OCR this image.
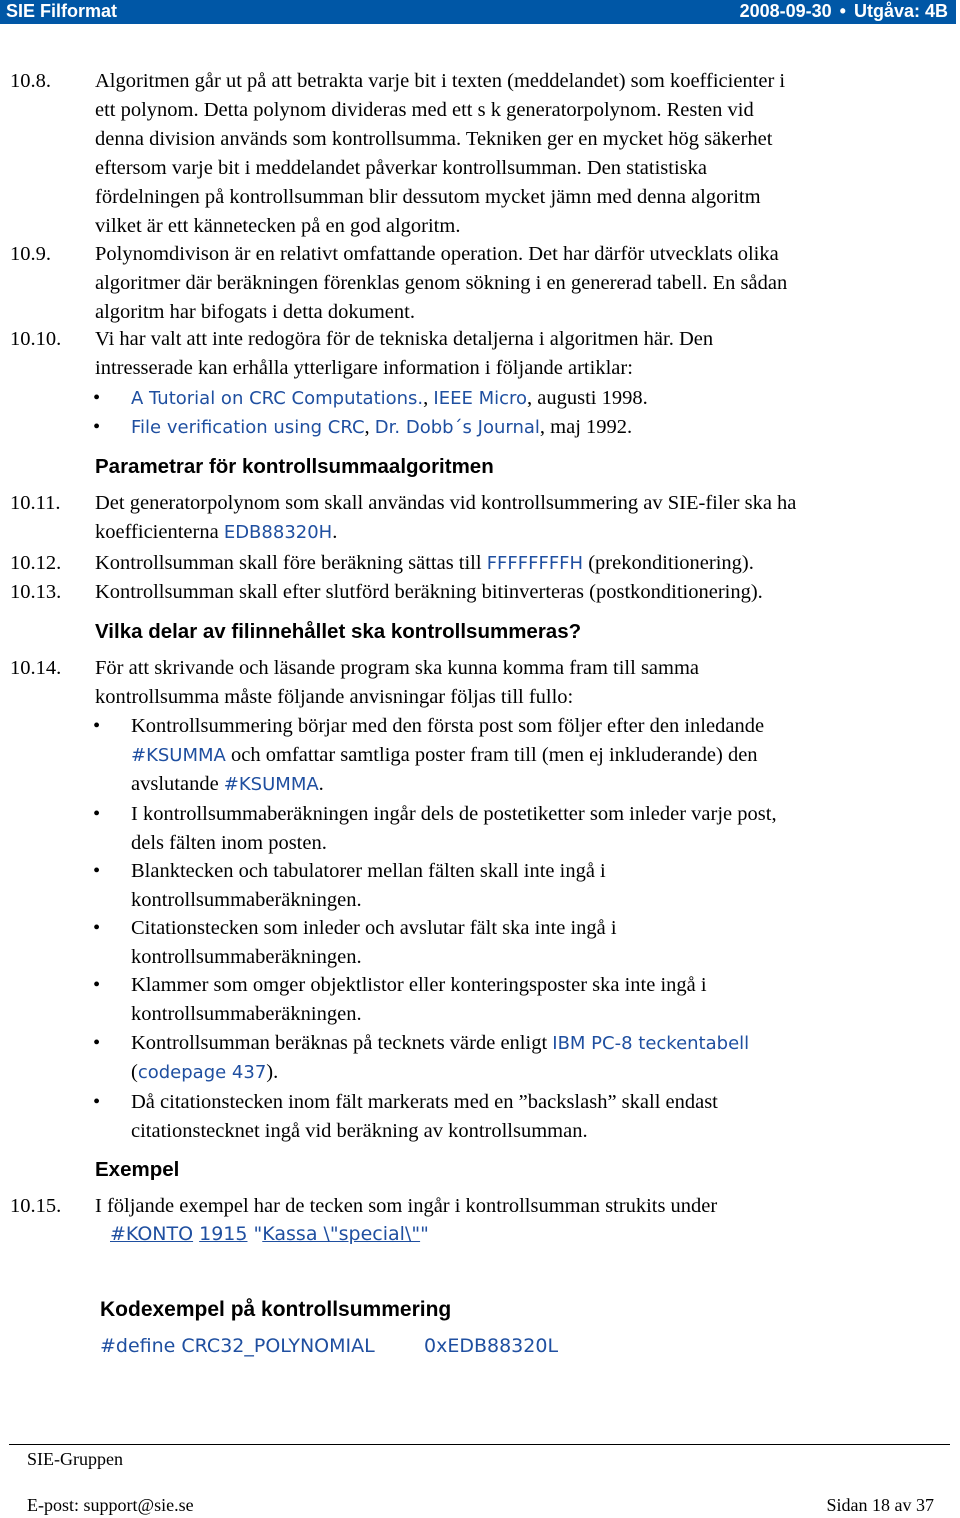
SIE Filformat	2008-09-30 • Utgåva: 4B
10.8. Algoritmen går ut på att betrakta varje bit i texten (meddelandet) som koefficienter i
ett polynom. Detta polynom divideras med ett s k generatorpolynom. Resten vid
denna division används som kontrollsumma. Tekniken ger en mycket hög säkerhet
eftersom varje bit i meddelandet påverkar kontrollsumman. Den statistiska
fördelningen på kontrollsumman blir dessutom mycket jämn med denna algoritm
vilket är ett kännetecken på en god algoritm.
10.9. Polynomdivison är en relativt omfattande operation. Det har därför utvecklats olika
algoritmer där beräkningen förenklas genom sökning i en genererad tabell. En sådan
algoritm har bifogats i detta dokument.
10.10. Vi har valt att inte redogöra för de tekniska detaljerna i algoritmen här. Den
intresserade kan erhålla ytterligare information i följande artiklar:
• A Tutorial on CRC Computations., IEEE Micro, augusti 1998.
• File verification using CRC, Dr. Dobb´s Journal, maj 1992.
Parametrar för kontrollsummaalgoritmen
10.11. Det generatorpolynom som skall användas vid kontrollsummering av SIE-filer ska ha
koefficienterna EDB88320H.
10.12. Kontrollsumman skall före beräkning sättas till FFFFFFFFH (prekonditionering).
10.13. Kontrollsumman skall efter slutförd beräkning bitinverteras (postkonditionering).
Vilka delar av filinnehållet ska kontrollsummeras?
10.14. För att skrivande och läsande program ska kunna komma fram till samma
kontrollsumma måste följande anvisningar följas till fullo:
• Kontrollsummering börjar med den första post som följer efter den inledande
#KSUMMA och omfattar samtliga poster fram till (men ej inkluderande) den
avslutande #KSUMMA.
• I kontrollsummaberäkningen ingår dels de postetiketter som inleder varje post,
dels fälten inom posten.
• Blanktecken och tabulatorer mellan fälten skall inte ingå i
kontrollsummaberäkningen.
• Citationstecken som inleder och avslutar fält ska inte ingå i
kontrollsummaberäkningen.
• Klammer som omger objektlistor eller konteringsposter ska inte ingå i
kontrollsummaberäkningen.
• Kontrollsumman beräknas på tecknets värde enligt IBM PC-8 teckentabell
(codepage 437).
• Då citationstecken inom fält markerats med en ”backslash” skall endast
citationstecknet ingå vid beräkning av kontrollsumman.
Exempel
10.15. I följande exempel har de tecken som ingår i kontrollsumman strukits under
#KONTO 1915 "Kassa \"special\""
Kodexempel på kontrollsummering
#define CRC32_POLYNOMIAL	0xEDB88320L
SIE-Gruppen
E-post: support@sie.se	Sidan 18 av 37
